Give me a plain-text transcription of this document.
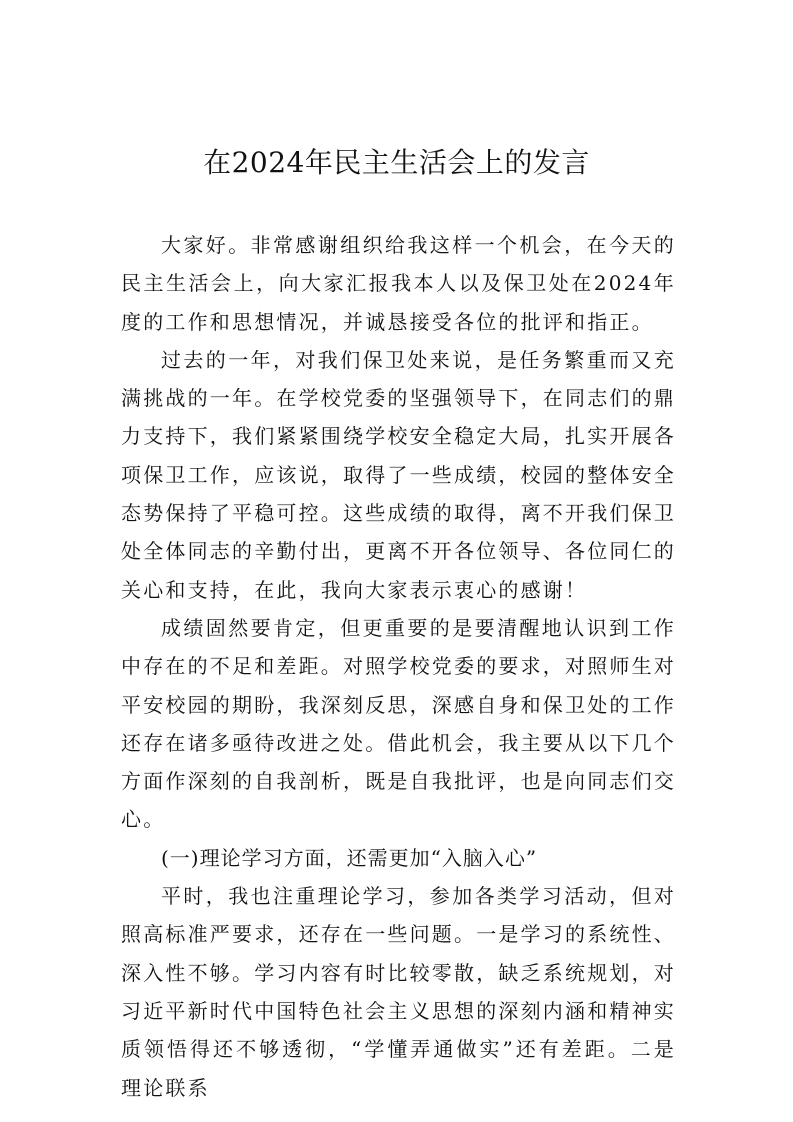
在2024年民主生活会上的发言

大家好。非常感谢组织给我这样一个机会，在今天的民主生活会上，向大家汇报我本人以及保卫处在2024年度的工作和思想情况，并诚恳接受各位的批评和指正。

过去的一年，对我们保卫处来说，是任务繁重而又充满挑战的一年。在学校党委的坚强领导下，在同志们的鼎力支持下，我们紧紧围绕学校安全稳定大局，扎实开展各项保卫工作，应该说，取得了一些成绩，校园的整体安全态势保持了平稳可控。这些成绩的取得，离不开我们保卫处全体同志的辛勤付出，更离不开各位领导、各位同仁的关心和支持，在此，我向大家表示衷心的感谢！

成绩固然要肯定，但更重要的是要清醒地认识到工作中存在的不足和差距。对照学校党委的要求，对照师生对平安校园的期盼，我深刻反思，深感自身和保卫处的工作还存在诸多亟待改进之处。借此机会，我主要从以下几个方面作深刻的自我剖析，既是自我批评，也是向同志们交心。

(一)理论学习方面，还需更加“入脑入心”

平时，我也注重理论学习，参加各类学习活动，但对照高标准严要求，还存在一些问题。一是学习的系统性、深入性不够。学习内容有时比较零散，缺乏系统规划，对习近平新时代中国特色社会主义思想的深刻内涵和精神实质领悟得还不够透彻，“学懂弄通做实”还有差距。二是理论联系
